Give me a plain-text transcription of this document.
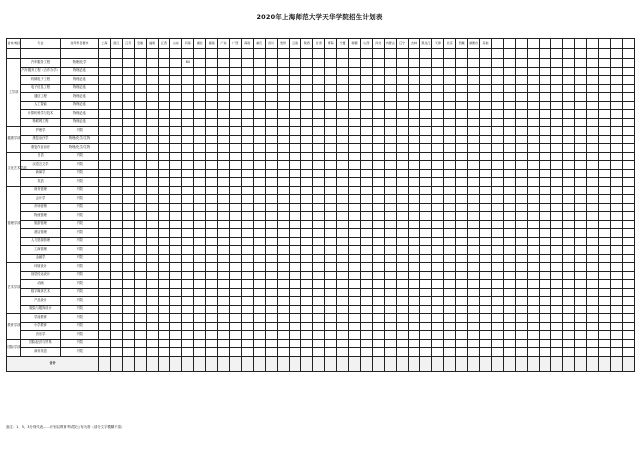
2020年上海师范大学天华学院招生计划表
省市/地区	专业	选考科目要求	上海	浙江	江苏	安徽	福建	江西	山东	河南	湖北	湖南	广东	广西	海南	重庆	四川	贵州	云南	陕西	甘肃	青海	宁夏	新疆	山西	河北	内蒙古	辽宁	吉林	黑龙江	天津	北京	西藏	港澳台	其他												

工学部	汽车服务工程	物理/化学								84																																					
	汽车服务工程（合作办学）	物理必选																																													
	机械电子工程	物理必选																																													
	电子信息工程	物理必选																																													
	通信工程	物理必选																																													
	人工智能	物理必选																																													
	计算机科学与技术	物理必选																																													
	物联网工程	物理必选																																													
健康学部	护理学	不限																																													
	康复治疗学	物理/化学/生物																																													
	康复作业治疗	物理/化学/生物																																													
文化艺术学部	日语	不限																																													
	汉语言文学	不限																																													
	新闻学	不限																																													
	英语	不限																																													
管理学部	财务管理	不限																																													
	会计学	不限																																													
	市场营销	不限																																													
	物流管理	不限																																													
	旅游管理	不限																																													
	酒店管理	不限																																													
	人力资源管理	不限																																													
	工商管理	不限																																													
	金融学	不限																																													
艺术学部	环境设计	不限																																													
	视觉传达设计	不限																																													
	动画	不限																																													
	数字媒体艺术	不限																																													
	产品设计	不限																																													
	服装与服饰设计	不限																																													
教育学部	学前教育	不限																																													
	小学教育	不限																																													
	音乐学	不限																																													
国际学部	国际经济与贸易	不限																																													
	商务英语	不限																																													
合计																																															
备注：1、5、3分别代表……计划以教育考试院公布为准（部分文字模糊不清）
